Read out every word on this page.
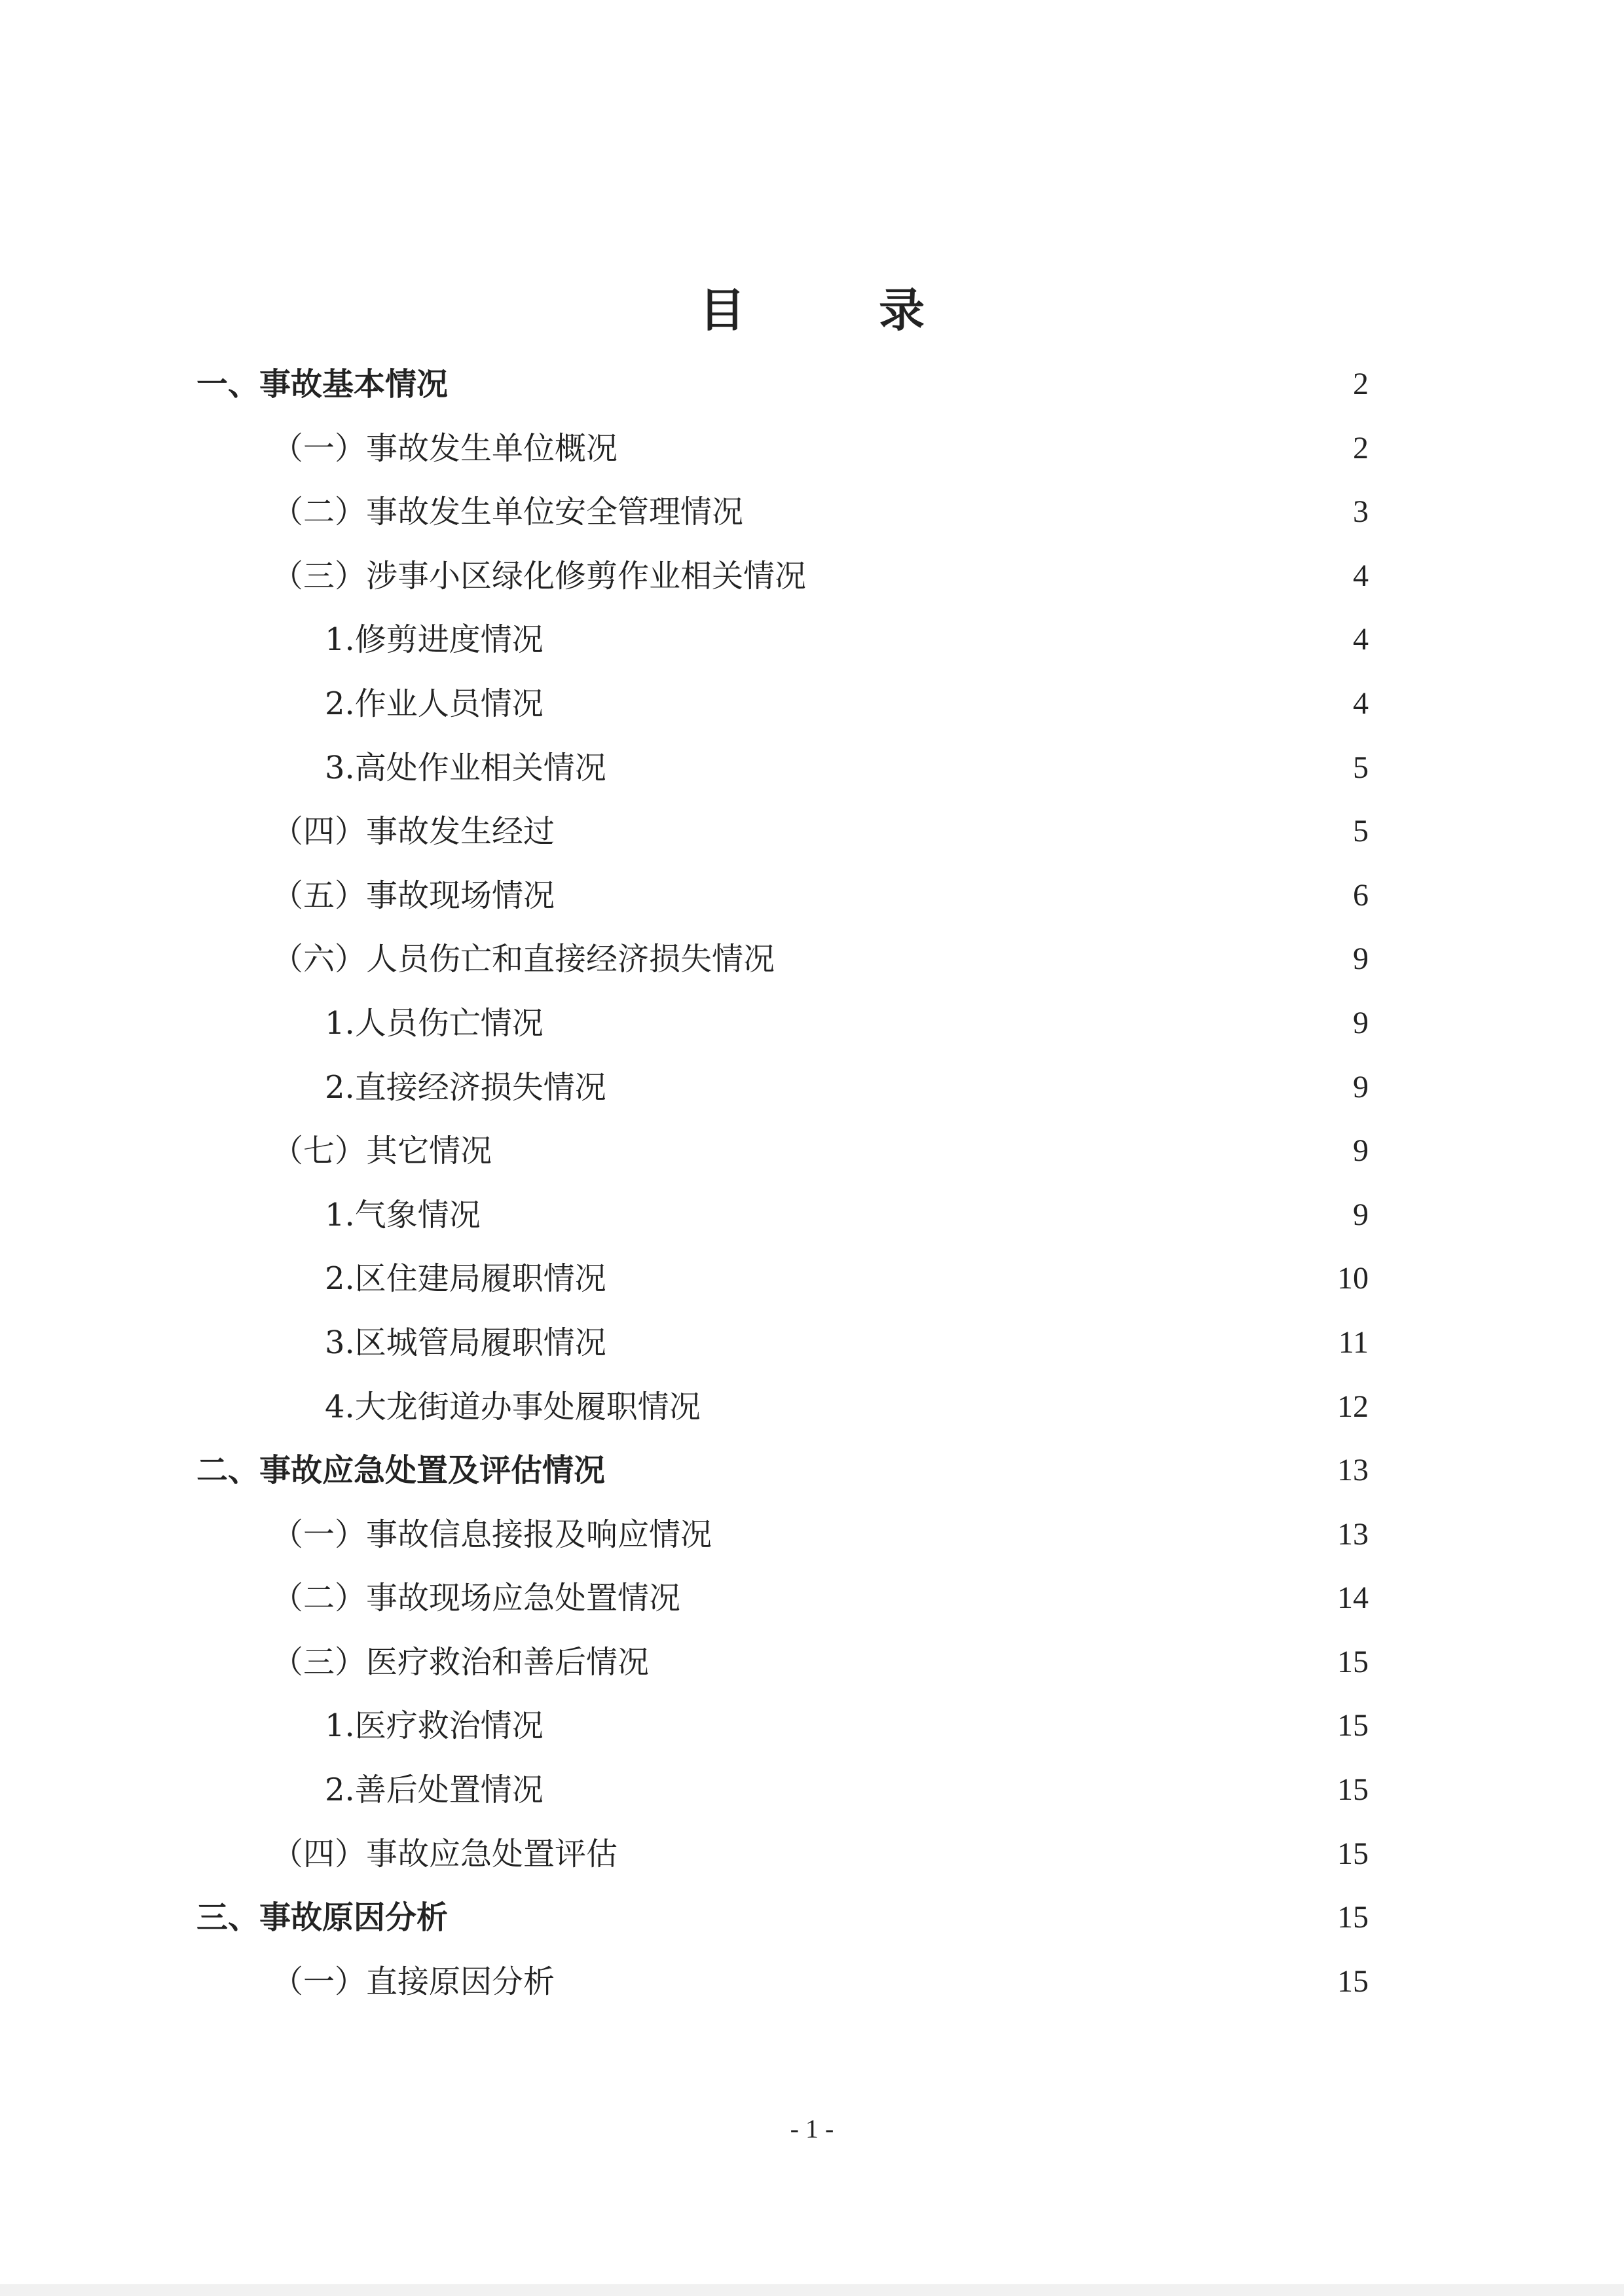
目 录
一、事故基本情况	2
（一）事故发生单位概况	2
（二）事故发生单位安全管理情况	3
（三）涉事小区绿化修剪作业相关情况	4
1.修剪进度情况	4
2.作业人员情况	4
3.高处作业相关情况	5
（四）事故发生经过	5
（五）事故现场情况	6
（六）人员伤亡和直接经济损失情况	9
1.人员伤亡情况	9
2.直接经济损失情况	9
（七）其它情况	9
1.气象情况	9
2.区住建局履职情况	10
3.区城管局履职情况	11
4.大龙街道办事处履职情况	12
二、事故应急处置及评估情况	13
（一）事故信息接报及响应情况	13
（二）事故现场应急处置情况	14
（三）医疗救治和善后情况	15
1.医疗救治情况	15
2.善后处置情况	15
（四）事故应急处置评估	15
三、事故原因分析	15
（一）直接原因分析	15
- 1 -
